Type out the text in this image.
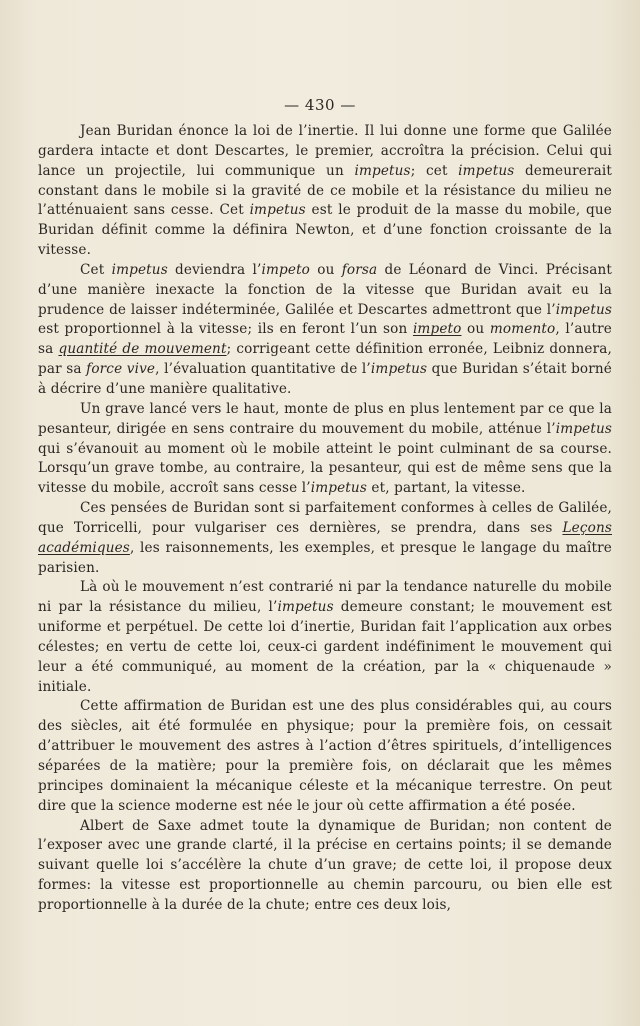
— 430 —

Jean Buridan énonce la loi de l’inertie. Il lui donne une forme que Galilée gardera intacte et dont Descartes, le premier, accroîtra la précision. Celui qui lance un projectile, lui communique un impetus; cet impetus demeurerait constant dans le mobile si la gravité de ce mobile et la résistance du milieu ne l’atténuaient sans cesse. Cet impetus est le produit de la masse du mobile, que Buridan définit comme la définira Newton, et d’une fonction croissante de la vitesse.

Cet impetus deviendra l’impeto ou forsa de Léonard de Vinci. Précisant d’une manière inexacte la fonction de la vitesse que Buridan avait eu la prudence de laisser indéterminée, Galilée et Descartes admettront que l’impetus est proportionnel à la vitesse; ils en feront l’un son impeto ou momento, l’autre sa quantité de mouvement; corrigeant cette définition erronée, Leibniz donnera, par sa force vive, l’évaluation quantitative de l’impetus que Buridan s’était borné à décrire d’une manière qualitative.

Un grave lancé vers le haut, monte de plus en plus lentement par ce que la pesanteur, dirigée en sens contraire du mouvement du mobile, atténue l’impetus qui s’évanouit au moment où le mobile atteint le point culminant de sa course. Lorsqu’un grave tombe, au contraire, la pesanteur, qui est de même sens que la vitesse du mobile, accroît sans cesse l’impetus et, partant, la vitesse.

Ces pensées de Buridan sont si parfaitement conformes à celles de Galilée, que Torricelli, pour vulgariser ces dernières, se prendra, dans ses Leçons académiques, les raisonnements, les exemples, et presque le langage du maître parisien.

Là où le mouvement n’est contrarié ni par la tendance naturelle du mobile ni par la résistance du milieu, l’impetus demeure constant; le mouvement est uniforme et perpétuel. De cette loi d’inertie, Buridan fait l’application aux orbes célestes; en vertu de cette loi, ceux-ci gardent indéfiniment le mouvement qui leur a été communiqué, au moment de la création, par la « chiquenaude » initiale.

Cette affirmation de Buridan est une des plus considérables qui, au cours des siècles, ait été formulée en physique; pour la première fois, on cessait d’attribuer le mouvement des astres à l’action d’êtres spirituels, d’intelligences séparées de la matière; pour la première fois, on déclarait que les mêmes principes dominaient la mécanique céleste et la mécanique terrestre. On peut dire que la science moderne est née le jour où cette affirmation a été posée.

Albert de Saxe admet toute la dynamique de Buridan; non content de l’exposer avec une grande clarté, il la précise en certains points; il se demande suivant quelle loi s’accélère la chute d’un grave; de cette loi, il propose deux formes: la vitesse est proportionnelle au chemin parcouru, ou bien elle est proportionnelle à la durée de la chute; entre ces deux lois,
